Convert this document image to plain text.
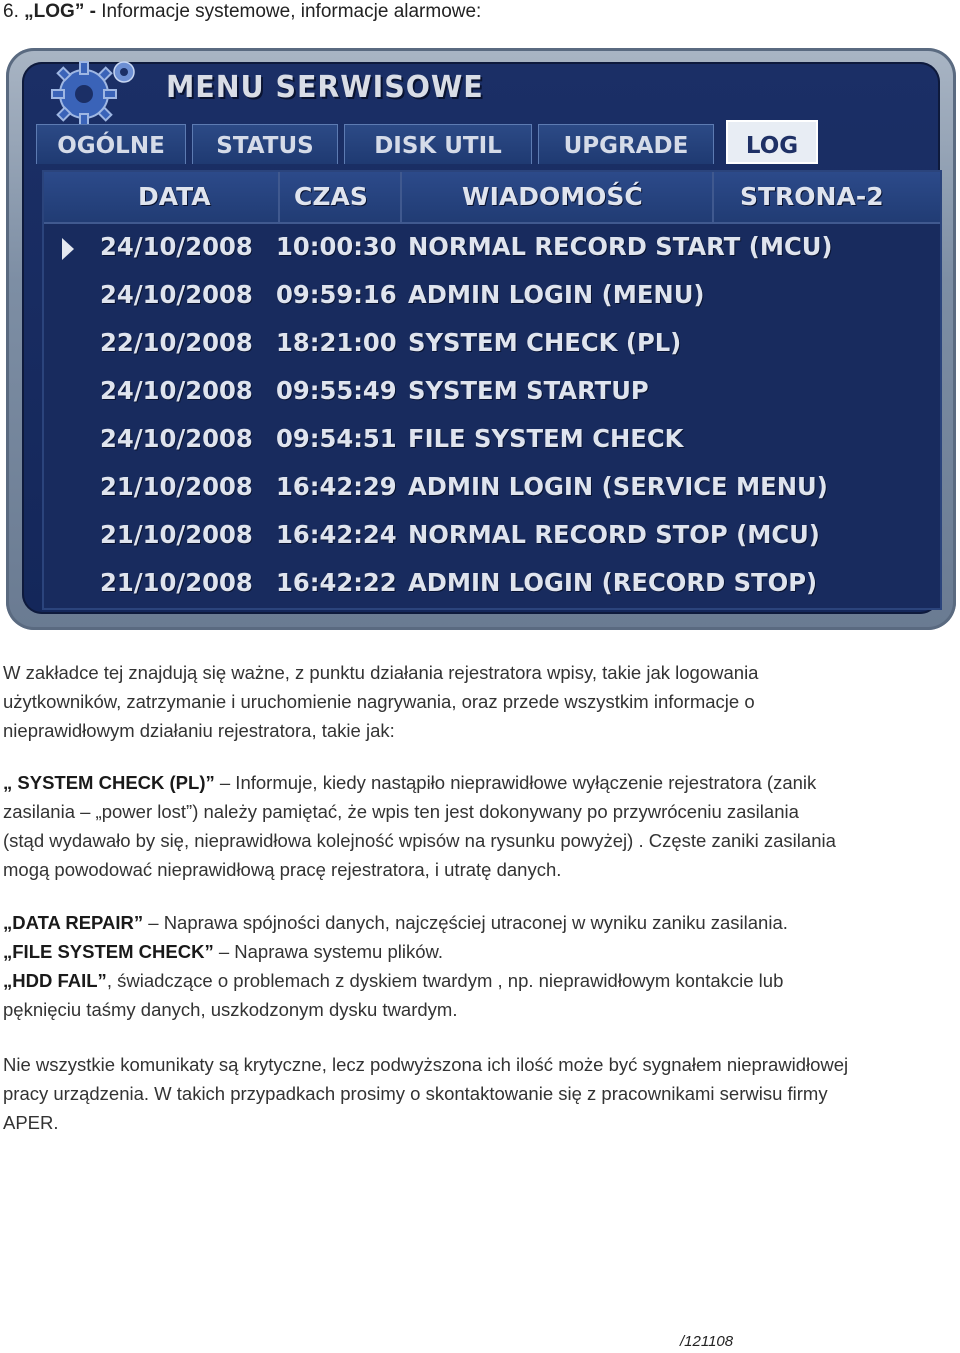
6. „LOG” - Informacje systemowe, informacje alarmowe:
MENU SERWISOWE
OGÓLNE	STATUS	DISK UTIL	UPGRADE	LOG
DATA	CZAS	WIADOMOŚĆ	STRONA-2
24/10/2008 10:00:30 NORMAL RECORD START (MCU)
24/10/2008 09:59:16 ADMIN LOGIN (MENU)
22/10/2008 18:21:00 SYSTEM CHECK (PL)
24/10/2008 09:55:49 SYSTEM STARTUP
24/10/2008 09:54:51 FILE SYSTEM CHECK
21/10/2008 16:42:29 ADMIN LOGIN (SERVICE MENU)
21/10/2008 16:42:24 NORMAL RECORD STOP (MCU)
21/10/2008 16:42:22 ADMIN LOGIN (RECORD STOP)
W zakładce tej znajdują się ważne, z punktu działania rejestratora wpisy, takie jak logowania
użytkowników, zatrzymanie i uruchomienie nagrywania, oraz przede wszystkim informacje o
nieprawidłowym działaniu rejestratora, takie jak:
„ SYSTEM CHECK (PL)” – Informuje, kiedy nastąpiło nieprawidłowe wyłączenie rejestratora (zanik
zasilania – „power lost”) należy pamiętać, że wpis ten jest dokonywany po przywróceniu zasilania
(stąd wydawało by się, nieprawidłowa kolejność wpisów na rysunku powyżej) . Częste zaniki zasilania
mogą powodować nieprawidłową pracę rejestratora, i utratę danych.
„DATA REPAIR” – Naprawa spójności danych, najczęściej utraconej w wyniku zaniku zasilania.
„FILE SYSTEM CHECK” – Naprawa systemu plików.
„HDD FAIL”, świadczące o problemach z dyskiem twardym , np. nieprawidłowym kontakcie lub
pęknięciu taśmy danych, uszkodzonym dysku twardym.
Nie wszystkie komunikaty są krytyczne, lecz podwyższona ich ilość może być sygnałem nieprawidłowej
pracy urządzenia. W takich przypadkach prosimy o skontaktowanie się z pracownikami serwisu firmy
APER.
/121108
